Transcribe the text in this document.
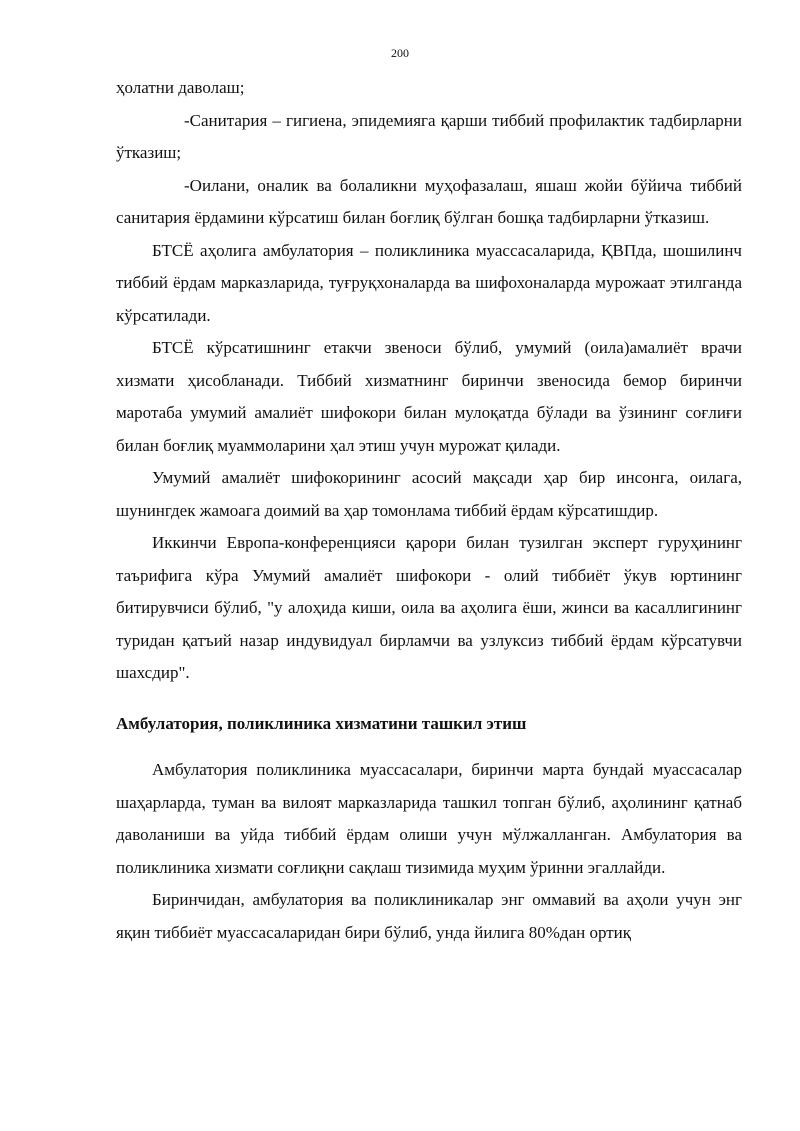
200

ҳолатни даволаш;

-Санитария – гигиена, эпидемияга қарши тиббий профилактик тадбирларни ўтказиш;

-Оилани, оналик ва болаликни муҳофазалаш, яшаш жойи бўйича тиббий санитария ёрдамини кўрсатиш билан боғлиқ бўлган бошқа тадбирларни ўтказиш.

БТСЁ аҳолига амбулатория – поликлиника муассасаларида, ҚВПда, шошилинч тиббий ёрдам марказларида, туғруқхоналарда ва шифохоналарда мурожаат этилганда кўрсатилади.

БТСЁ кўрсатишнинг етакчи звеноси бўлиб, умумий (оила)амалиёт врачи хизмати ҳисобланади. Тиббий хизматнинг биринчи звеносида бемор биринчи маротаба умумий амалиёт шифокори билан мулоқатда бўлади ва ўзининг соғлиғи билан боғлиқ муаммоларини ҳал этиш учун мурожат қилади.

Умумий амалиёт шифокорининг асосий мақсади ҳар бир инсонга, оилага, шунингдек жамоага доимий ва ҳар томонлама тиббий ёрдам кўрсатишдир.

Иккинчи Европа-конференцияси қарори билан тузилган эксперт гуруҳининг таърифига кўра Умумий амалиёт шифокори - олий тиббиёт ўкув юртининг битирувчиси бўлиб, "у алоҳида киши, оила ва аҳолига ёши, жинси ва касаллигининг туридан қатъий назар индувидуал бирламчи ва узлуксиз тиббий ёрдам кўрсатувчи шахсдир".

Амбулатория, поликлиника хизматини ташкил этиш

Амбулатория поликлиника муассасалари, биринчи марта бундай муассасалар шаҳарларда, туман ва вилоят марказларида ташкил топган бўлиб, аҳолининг қатнаб даволаниши ва уйда тиббий ёрдам олиши учун мўлжалланган. Амбулатория ва поликлиника хизмати соғлиқни сақлаш тизимида муҳим ўринни эгаллайди.

Биринчидан, амбулатория ва поликлиникалар энг оммавий ва аҳоли учун энг яқин тиббиёт муассасаларидан бири бўлиб, унда йилига 80%дан ортиқ
